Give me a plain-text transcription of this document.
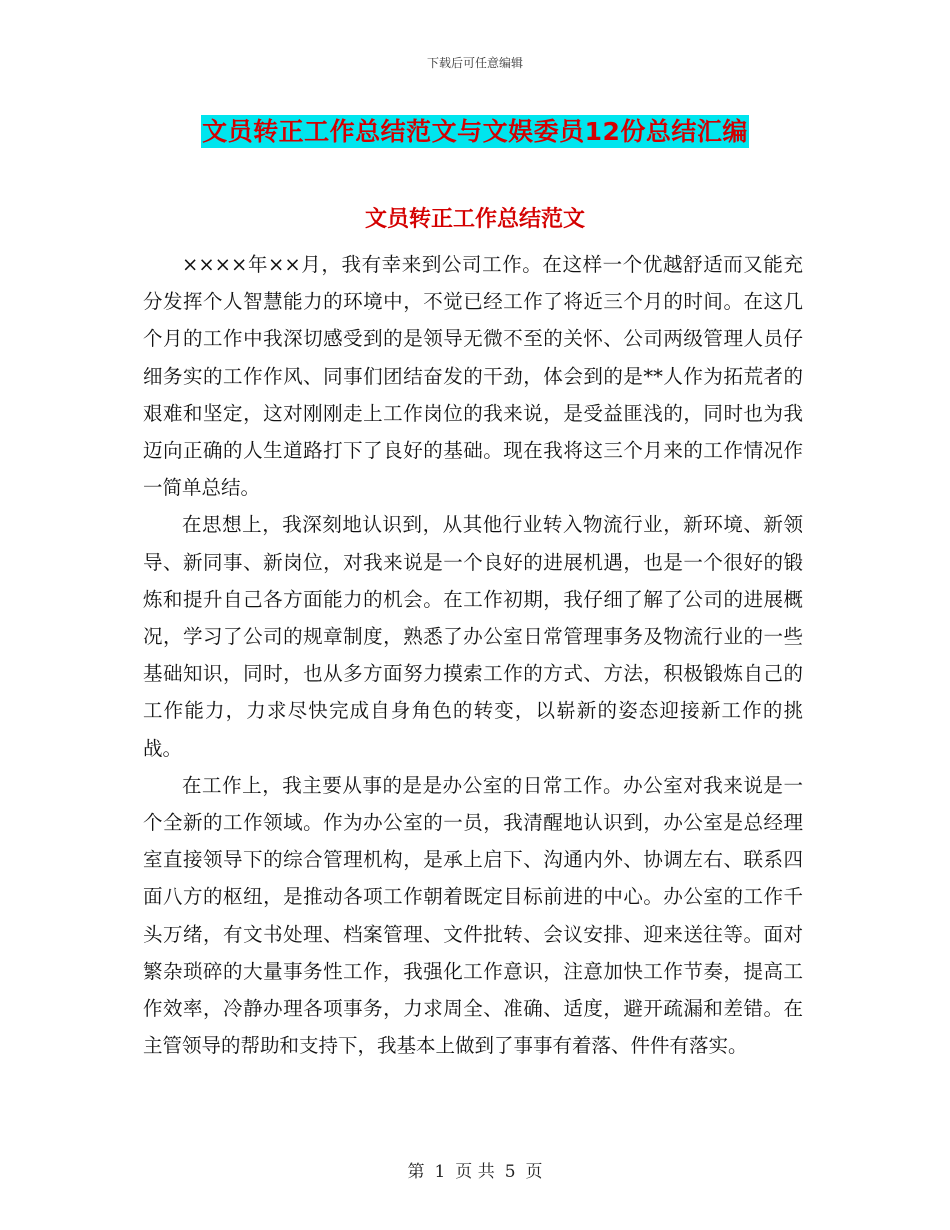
下载后可任意编辑
文员转正工作总结范文与文娱委员12份总结汇编
文员转正工作总结范文

××××年××月，我有幸来到公司工作。在这样一个优越舒适而又能充分发挥个人智慧能力的环境中，不觉已经工作了将近三个月的时间。在这几个月的工作中我深切感受到的是领导无微不至的关怀、公司两级管理人员仔细务实的工作作风、同事们团结奋发的干劲，体会到的是**人作为拓荒者的艰难和坚定，这对刚刚走上工作岗位的我来说，是受益匪浅的，同时也为我迈向正确的人生道路打下了良好的基础。现在我将这三个月来的工作情况作一简单总结。

在思想上，我深刻地认识到，从其他行业转入物流行业，新环境、新领导、新同事、新岗位，对我来说是一个良好的进展机遇，也是一个很好的锻炼和提升自己各方面能力的机会。在工作初期，我仔细了解了公司的进展概况，学习了公司的规章制度，熟悉了办公室日常管理事务及物流行业的一些基础知识，同时，也从多方面努力摸索工作的方式、方法，积极锻炼自己的工作能力，力求尽快完成自身角色的转变，以崭新的姿态迎接新工作的挑战。

在工作上，我主要从事的是是办公室的日常工作。办公室对我来说是一个全新的工作领域。作为办公室的一员，我清醒地认识到，办公室是总经理室直接领导下的综合管理机构，是承上启下、沟通内外、协调左右、联系四面八方的枢纽，是推动各项工作朝着既定目标前进的中心。办公室的工作千头万绪，有文书处理、档案管理、文件批转、会议安排、迎来送往等。面对繁杂琐碎的大量事务性工作，我强化工作意识，注意加快工作节奏，提高工作效率，冷静办理各项事务，力求周全、准确、适度，避开疏漏和差错。在主管领导的帮助和支持下，我基本上做到了事事有着落、件件有落实。

第 1 页 共 5 页
